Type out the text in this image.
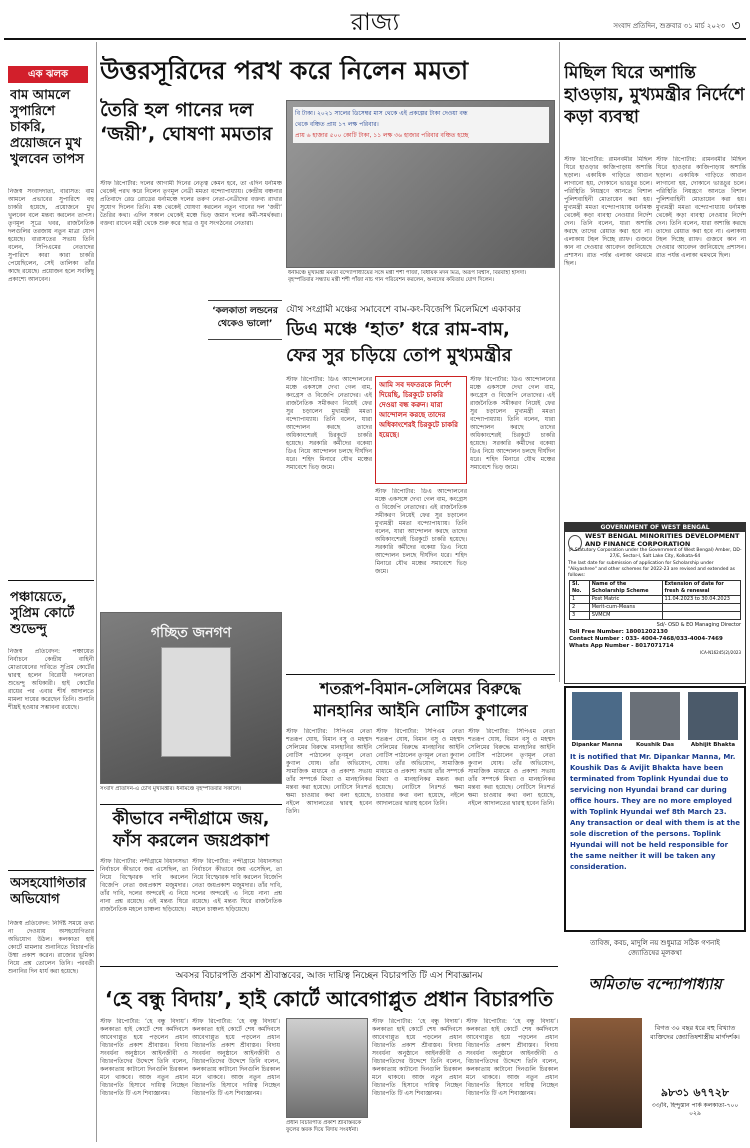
রাজ্য	সংবাদ প্রতিদিন, শুক্রবার ৩১ মার্চ ২০২৩ ৩
এক ঝলক
বাম আমলে সুপারিশে চাকরি, প্রয়োজনে মুখ খুলবেন তাপস
নিজস্ব সংবাদদাতা, বারাসত: বাম আমলে প্রভাবের সুপারিশে বহু চাকরি হয়েছে, প্রয়োজনে মুখ খুলবেন বলে মন্তব্য করলেন তাপস। তৃণমূল সূত্রে খবর, রাজনৈতিক দলগুলির তরজায় নতুন মাত্রা যোগ হয়েছে। বারাসতের সভায় তিনি বলেন, সিপিএমের নেতাদের সুপারিশে কারা কারা চাকরি পেয়েছিলেন, সেই তালিকা তাঁর কাছে রয়েছে। প্রয়োজন হলে সবকিছু প্রকাশ্যে আনবেন।
পঞ্চায়েতে, সুপ্রিম কোর্টে শুভেন্দু
নিজস্ব প্রতিবেদন: পঞ্চায়েত নির্বাচনে কেন্দ্রীয় বাহিনী মোতায়েনের দাবিতে সুপ্রিম কোর্টের দ্বারস্থ হলেন বিরোধী দলনেতা শুভেন্দু অধিকারী। হাই কোর্টের রায়ের পর এবার শীর্ষ আদালতে মামলা দায়ের করেছেন তিনি। শুনানি শীঘ্রই হওয়ার সম্ভাবনা রয়েছে।
অসহযোগিতার অভিযোগ
নিজস্ব প্রতিবেদন: নির্দিষ্ট সময়ে তথ্য না দেওয়ায় অসহযোগিতার অভিযোগ উঠল। কলকাতা হাই কোর্টে মামলার শুনানিতে বিচারপতি উষ্মা প্রকাশ করেন। রাজ্যের ভূমিকা নিয়ে প্রশ্ন তোলেন তিনি। পরবর্তী শুনানির দিন ধার্য করা হয়েছে।
উত্তরসূরিদের পরখ করে নিলেন মমতা
তৈরি হল গানের দল ‘জয়ী’, ঘোষণা মমতার
স্টাফ রিপোর্টার: দলের আগামী দিনের নেতৃত্ব কেমন হবে, তা এদিন ধর্নামঞ্চ থেকেই পরখ করে নিলেন তৃণমূল নেত্রী মমতা বন্দ্যোপাধ্যায়। কেন্দ্রীয় বঞ্চনার প্রতিবাদে রেড রোডের ধর্নামঞ্চে দলের তরুণ নেতা-নেত্রীদের বক্তব্য রাখার সুযোগ দিলেন তিনি। মঞ্চ থেকেই ঘোষণা করলেন নতুন গানের দল ‘জয়ী’ তৈরির কথা। এদিন সকাল থেকেই মঞ্চে ভিড় জমান দলের কর্মী-সমর্থকরা। বক্তব্য রাখেন মন্ত্রী থেকে শুরু করে ছাত্র ও যুব সংগঠনের নেতারা।
বি টাকা। ২০২১ সালের ডিসেম্বর মাস থেকে এই প্রকল্পের টাকা দেওয়া বন্ধ
থেকে বঞ্চিত প্রায় ১৭ লক্ষ পরিবার।
প্রায় ৬ হাজার ৫০০ কোটি টাকা, ১১ লক্ষ ৩৬ হাজার পরিবার বঞ্চিত হচ্ছে
ধর্নামঞ্চে মুখ্যমন্ত্রী মমতা বন্দ্যোপাধ্যায়ের সঙ্গে মন্ত্রী শশী পাঁজা, বিধায়ক মদন মিত্র, অরূপ বিশ্বাস, বিরবাহা হাঁসদা। বৃহস্পতিবার সন্ধ্যায় মন্ত্রী শশী পাঁজা নাচ গান পরিবেশন করলেন, অন্যদের কবিতায় যোগ দিলেন।
‘কলকাতা লন্ডনের থেকেও ভালো’
গচ্ছিত জনগণ
সংবাদ প্রতিদিন-এ চোখ মুখ্যমন্ত্রীর। ধর্নামঞ্চে বৃহস্পতিবার সকালে।
যৌথ সংগ্রামী মঞ্চের সমাবেশে বাম-কং-বিজেপি মিলেমিশে একাকার
ডিএ মঞ্চে ‘হাত’ ধরে রাম-বাম,
ফের সুর চড়িয়ে তোপ মুখ্যমন্ত্রীর
আমি সব দফতরকে নির্দেশ দিয়েছি, চিরকুটে চাকরি দেওয়া বন্ধ করুন। যারা আন্দোলন করছে তাদের অধিকাংশেরই চিরকুটে চাকরি হয়েছে।
স্টাফ রিপোর্টার: ডিএ আন্দোলনের মঞ্চে একসঙ্গে দেখা গেল বাম, কংগ্রেস ও বিজেপি নেতাদের। এই রাজনৈতিক সমীকরণ নিয়েই ফের সুর চড়ালেন মুখ্যমন্ত্রী মমতা বন্দ্যোপাধ্যায়। তিনি বলেন, যারা আন্দোলন করছে তাদের অধিকাংশেরই চিরকুটে চাকরি হয়েছে। সরকারি কর্মীদের বকেয়া ডিএ নিয়ে আন্দোলন চলছে দীর্ঘদিন ধরে। শহিদ মিনারে যৌথ মঞ্চের সমাবেশে ভিড় জমে।
স্টাফ রিপোর্টার: ডিএ আন্দোলনের মঞ্চে একসঙ্গে দেখা গেল বাম, কংগ্রেস ও বিজেপি নেতাদের। এই রাজনৈতিক সমীকরণ নিয়েই ফের সুর চড়ালেন মুখ্যমন্ত্রী মমতা বন্দ্যোপাধ্যায়। তিনি বলেন, যারা আন্দোলন করছে তাদের অধিকাংশেরই চিরকুটে চাকরি হয়েছে। সরকারি কর্মীদের বকেয়া ডিএ নিয়ে আন্দোলন চলছে দীর্ঘদিন ধরে। শহিদ মিনারে যৌথ মঞ্চের সমাবেশে ভিড় জমে।
স্টাফ রিপোর্টার: ডিএ আন্দোলনের মঞ্চে একসঙ্গে দেখা গেল বাম, কংগ্রেস ও বিজেপি নেতাদের। এই রাজনৈতিক সমীকরণ নিয়েই ফের সুর চড়ালেন মুখ্যমন্ত্রী মমতা বন্দ্যোপাধ্যায়। তিনি বলেন, যারা আন্দোলন করছে তাদের অধিকাংশেরই চিরকুটে চাকরি হয়েছে। সরকারি কর্মীদের বকেয়া ডিএ নিয়ে আন্দোলন চলছে দীর্ঘদিন ধরে। শহিদ মিনারে যৌথ মঞ্চের সমাবেশে ভিড় জমে।
কীভাবে নন্দীগ্রামে জয়, ফাঁস করলেন জয়প্রকাশ
স্টাফ রিপোর্টার: নন্দীগ্রামে বিধানসভা নির্বাচনে কীভাবে জয় এসেছিল, তা নিয়ে বিস্ফোরক দাবি করলেন বিজেপি নেতা জয়প্রকাশ মজুমদার। তাঁর দাবি, দলের অন্দরেই এ নিয়ে নানা প্রশ্ন রয়েছে। এই মন্তব্য ঘিরে রাজনৈতিক মহলে চাঞ্চল্য ছড়িয়েছে।
স্টাফ রিপোর্টার: নন্দীগ্রামে বিধানসভা নির্বাচনে কীভাবে জয় এসেছিল, তা নিয়ে বিস্ফোরক দাবি করলেন বিজেপি নেতা জয়প্রকাশ মজুমদার। তাঁর দাবি, দলের অন্দরেই এ নিয়ে নানা প্রশ্ন রয়েছে। এই মন্তব্য ঘিরে রাজনৈতিক মহলে চাঞ্চল্য ছড়িয়েছে।
শতরূপ-বিমান-সেলিমের বিরুদ্ধে
মানহানির আইনি নোটিস কুণালের
স্টাফ রিপোর্টার: সিপিএম নেতা শতরূপ ঘোষ, বিমান বসু ও মহম্মদ সেলিমের বিরুদ্ধে মানহানির আইনি নোটিস পাঠালেন তৃণমূল নেতা কুণাল ঘোষ। তাঁর অভিযোগ, সামাজিক মাধ্যমে ও প্রকাশ্য সভায় তাঁর সম্পর্কে মিথ্যা ও মানহানিকর মন্তব্য করা হয়েছে। নোটিসে নিঃশর্ত ক্ষমা চাওয়ার কথা বলা হয়েছে, নইলে আদালতের দ্বারস্থ হবেন তিনি।
স্টাফ রিপোর্টার: সিপিএম নেতা শতরূপ ঘোষ, বিমান বসু ও মহম্মদ সেলিমের বিরুদ্ধে মানহানির আইনি নোটিস পাঠালেন তৃণমূল নেতা কুণাল ঘোষ। তাঁর অভিযোগ, সামাজিক মাধ্যমে ও প্রকাশ্য সভায় তাঁর সম্পর্কে মিথ্যা ও মানহানিকর মন্তব্য করা হয়েছে। নোটিসে নিঃশর্ত ক্ষমা চাওয়ার কথা বলা হয়েছে, নইলে আদালতের দ্বারস্থ হবেন তিনি।
স্টাফ রিপোর্টার: সিপিএম নেতা শতরূপ ঘোষ, বিমান বসু ও মহম্মদ সেলিমের বিরুদ্ধে মানহানির আইনি নোটিস পাঠালেন তৃণমূল নেতা কুণাল ঘোষ। তাঁর অভিযোগ, সামাজিক মাধ্যমে ও প্রকাশ্য সভায় তাঁর সম্পর্কে মিথ্যা ও মানহানিকর মন্তব্য করা হয়েছে। নোটিসে নিঃশর্ত ক্ষমা চাওয়ার কথা বলা হয়েছে, নইলে আদালতের দ্বারস্থ হবেন তিনি।
মিছিল ঘিরে অশান্তি হাওড়ায়, মুখ্যমন্ত্রীর নির্দেশে কড়া ব্যবস্থা
স্টাফ রিপোর্টার: রামনবমীর মিছিল ঘিরে হাওড়ার কাজিপাড়ায় অশান্তি ছড়াল। একাধিক গাড়িতে আগুন লাগানো হয়, দোকানে ভাঙচুর চলে। পরিস্থিতি নিয়ন্ত্রণে আনতে বিশাল পুলিশবাহিনী মোতায়েন করা হয়। মুখ্যমন্ত্রী মমতা বন্দ্যোপাধ্যায় ধর্নামঞ্চ থেকেই কড়া ব্যবস্থা নেওয়ার নির্দেশ দেন। তিনি বলেন, যারা অশান্তি করছে তাদের রেয়াত করা হবে না। এলাকায় টহল দিচ্ছে র‍্যাফ। গুজবে কান না দেওয়ার আবেদন জানিয়েছে প্রশাসন। রাত পর্যন্ত এলাকা থমথমে ছিল।
স্টাফ রিপোর্টার: রামনবমীর মিছিল ঘিরে হাওড়ার কাজিপাড়ায় অশান্তি ছড়াল। একাধিক গাড়িতে আগুন লাগানো হয়, দোকানে ভাঙচুর চলে। পরিস্থিতি নিয়ন্ত্রণে আনতে বিশাল পুলিশবাহিনী মোতায়েন করা হয়। মুখ্যমন্ত্রী মমতা বন্দ্যোপাধ্যায় ধর্নামঞ্চ থেকেই কড়া ব্যবস্থা নেওয়ার নির্দেশ দেন। তিনি বলেন, যারা অশান্তি করছে তাদের রেয়াত করা হবে না। এলাকায় টহল দিচ্ছে র‍্যাফ। গুজবে কান না দেওয়ার আবেদন জানিয়েছে প্রশাসন। রাত পর্যন্ত এলাকা থমথমে ছিল।
GOVERNMENT OF WEST BENGAL
WEST BENGAL MINORITIES DEVELOPMENT AND FINANCE CORPORATION
(A Statutory Corporation under the Government of West Bengal) Amber, DD-27/E, Sector-I, Salt Lake City, Kolkata-64
The last date for submission of application for Scholarship under "Aikyashree" and other schemes for 2022-23 are revised and extended as follows:
Sl. No.	Name of the Scholarship Scheme	Extension of date for fresh & renewal
1	Post Matric	11.04.2023 to 30.04.2023
2	Merit-cum-Means	
3	SVMCM	
Sd/- OSD & EO Managing Director
Toll Free Number: 18001202130
Contact Number : 033- 4004-7468/033-4004-7469
Whats App Number - 8017071714
ICA-N16245(2)/2023
Dipankar Manna	Koushik Das	Abhijit Bhakta
It is notified that Mr. Dipankar Manna, Mr. Koushik Das & Avijit Bhakta have been terminated from Toplink Hyundai due to servicing non Hyundai brand car during office hours. They are no more employed with Toplink Hyundai wef 8th March 23. Any transaction or deal with them is at the sole discretion of the persons. Toplink Hyundai will not be held responsible for the same neither it will be taken any consideration.
তাবিজ, কবচ, মাদুলি নয় শুধুমাত্র সঠিক গণনাই জ্যোতিষের মূলকথা
অমিতাভ বন্দ্যোপাধ্যায়
বিগত ৩০ বছর ধরে বহু বিখ্যাত ব্যক্তিদের জ্যোতিষশাস্ত্রীয় মার্গদর্শক।
৯৮৩১ ৬৭৭২৮
৩৩/বি, হিন্দুস্তান পার্ক কলকাতা-৭০০ ০২৯
অবসর বিচারপতি প্রকাশ শ্রীবাস্তবের, আজ দায়িত্ব নিচ্ছেন বিচারপতি টি এস শিবাজ্ঞানম
‘হে বন্ধু বিদায়’, হাই কোর্টে আবেগাপ্লুত প্রধান বিচারপতি
স্টাফ রিপোর্টার: ‘হে বন্ধু বিদায়’। কলকাতা হাই কোর্টে শেষ কর্মদিবসে আবেগাপ্লুত হয়ে পড়লেন প্রধান বিচারপতি প্রকাশ শ্রীবাস্তব। বিদায় সংবর্ধনা অনুষ্ঠানে আইনজীবী ও বিচারপতিদের উদ্দেশে তিনি বলেন, কলকাতায় কাটানো দিনগুলি চিরকাল মনে থাকবে। আজ নতুন প্রধান বিচারপতি হিসাবে দায়িত্ব নিচ্ছেন বিচারপতি টি এস শিবাজ্ঞানম।
স্টাফ রিপোর্টার: ‘হে বন্ধু বিদায়’। কলকাতা হাই কোর্টে শেষ কর্মদিবসে আবেগাপ্লুত হয়ে পড়লেন প্রধান বিচারপতি প্রকাশ শ্রীবাস্তব। বিদায় সংবর্ধনা অনুষ্ঠানে আইনজীবী ও বিচারপতিদের উদ্দেশে তিনি বলেন, কলকাতায় কাটানো দিনগুলি চিরকাল মনে থাকবে। আজ নতুন প্রধান বিচারপতি হিসাবে দায়িত্ব নিচ্ছেন বিচারপতি টি এস শিবাজ্ঞানম।
প্রধান বিচারপতি প্রকাশ শ্রীবাস্তবকে ফুলের স্তবক দিয়ে বিদায় সংবর্ধনা।
স্টাফ রিপোর্টার: ‘হে বন্ধু বিদায়’। কলকাতা হাই কোর্টে শেষ কর্মদিবসে আবেগাপ্লুত হয়ে পড়লেন প্রধান বিচারপতি প্রকাশ শ্রীবাস্তব। বিদায় সংবর্ধনা অনুষ্ঠানে আইনজীবী ও বিচারপতিদের উদ্দেশে তিনি বলেন, কলকাতায় কাটানো দিনগুলি চিরকাল মনে থাকবে। আজ নতুন প্রধান বিচারপতি হিসাবে দায়িত্ব নিচ্ছেন বিচারপতি টি এস শিবাজ্ঞানম।
স্টাফ রিপোর্টার: ‘হে বন্ধু বিদায়’। কলকাতা হাই কোর্টে শেষ কর্মদিবসে আবেগাপ্লুত হয়ে পড়লেন প্রধান বিচারপতি প্রকাশ শ্রীবাস্তব। বিদায় সংবর্ধনা অনুষ্ঠানে আইনজীবী ও বিচারপতিদের উদ্দেশে তিনি বলেন, কলকাতায় কাটানো দিনগুলি চিরকাল মনে থাকবে। আজ নতুন প্রধান বিচারপতি হিসাবে দায়িত্ব নিচ্ছেন বিচারপতি টি এস শিবাজ্ঞানম।
